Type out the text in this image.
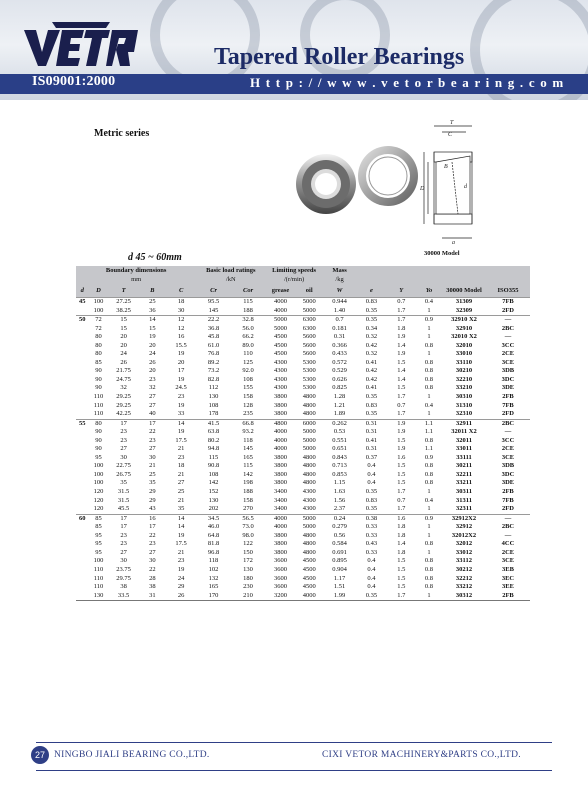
IS09001:2000
Tapered Roller Bearings
H t t p : / / w w w . v e t o r b e a r i n g . c o m
Metric series
T
C
B
D	d
a
30000 Model
d 45 ~ 60mm
Boundary dimensions					Basic load ratings		Limiting speeds		Mass					
mm					/kN		/(r/min)		/kg					
d	D	T	B	C	Cr	Cor	grease	oil	W	e	Y	Yo	30000 Model	ISO355
45	100	27.25	25	18	95.5	115	4000	5000	0.944	0.83	0.7	0.4	31309	7FB
	100	38.25	36	30	145	188	4000	5000	1.40	0.35	1.7	1	32309	2FD
50	72	15	14	12	22.2	32.8	5000	6300	0.7	0.35	1.7	0.9	32910 X2	—
	72	15	15	12	36.8	56.0	5000	6300	0.181	0.34	1.8	1	32910	2BC
	80	20	19	16	45.8	66.2	4500	5600	0.31	0.32	1.9	1	32010 X2	—
	80	20	20	15.5	61.0	89.0	4500	5600	0.366	0.42	1.4	0.8	32010	3CC
	80	24	24	19	76.8	110	4500	5600	0.433	0.32	1.9	1	33010	2CE
	85	26	26	20	89.2	125	4300	5300	0.572	0.41	1.5	0.8	33110	3CE
	90	21.75	20	17	73.2	92.0	4300	5300	0.529	0.42	1.4	0.8	30210	3DB
	90	24.75	23	19	82.8	108	4300	5300	0.626	0.42	1.4	0.8	32210	3DC
	90	32	32	24.5	112	155	4300	5300	0.825	0.41	1.5	0.8	33210	3DE
	110	29.25	27	23	130	158	3800	4800	1.28	0.35	1.7	1	30310	2FB
	110	29.25	27	19	108	128	3800	4800	1.21	0.83	0.7	0.4	31310	7FB
	110	42.25	40	33	178	235	3800	4800	1.89	0.35	1.7	1	32310	2FD
55	80	17	17	14	41.5	66.8	4800	6000	0.262	0.31	1.9	1.1	32911	2BC
	90	23	22	19	63.8	93.2	4000	5000	0.53	0.31	1.9	1.1	32011 X2	—
	90	23	23	17.5	80.2	118	4000	5000	0.551	0.41	1.5	0.8	32011	3CC
	90	27	27	21	94.8	145	4000	5000	0.651	0.31	1.9	1.1	33011	2CE
	95	30	30	23	115	165	3800	4800	0.843	0.37	1.6	0.9	33111	3CE
	100	22.75	21	18	90.8	115	3800	4800	0.713	0.4	1.5	0.8	30211	3DB
	100	26.75	25	21	108	142	3800	4800	0.853	0.4	1.5	0.8	32211	3DC
	100	35	35	27	142	198	3800	4800	1.15	0.4	1.5	0.8	33211	3DE
	120	31.5	29	25	152	188	3400	4300	1.63	0.35	1.7	1	30311	2FB
	120	31.5	29	21	130	158	3400	4300	1.56	0.83	0.7	0.4	31311	7FB
	120	45.5	43	35	202	270	3400	4300	2.37	0.35	1.7	1	32311	2FD
60	85	17	16	14	34.5	56.5	4000	5000	0.24	0.38	1.6	0.9	32912X2	—
	85	17	17	14	46.0	73.0	4000	5000	0.279	0.33	1.8	1	32912	2BC
	95	23	22	19	64.8	98.0	3800	4800	0.56	0.33	1.8	1	32012X2	—
	95	23	23	17.5	81.8	122	3800	4800	0.584	0.43	1.4	0.8	32012	4CC
	95	27	27	21	96.8	150	3800	4800	0.691	0.33	1.8	1	33012	2CE
	100	30	30	23	118	172	3600	4500	0.895	0.4	1.5	0.8	33112	3CE
	110	23.75	22	19	102	130	3600	4500	0.904	0.4	1.5	0.8	30212	3EB
	110	29.75	28	24	132	180	3600	4500	1.17	0.4	1.5	0.8	32212	3EC
	110	38	38	29	165	230	3600	4500	1.51	0.4	1.5	0.8	33212	3EE
	130	33.5	31	26	170	210	3200	4000	1.99	0.35	1.7	1	30312	2FB
27 NINGBO JIALI BEARING CO.,LTD.	CIXI VETOR MACHINERY&PARTS CO.,LTD.
